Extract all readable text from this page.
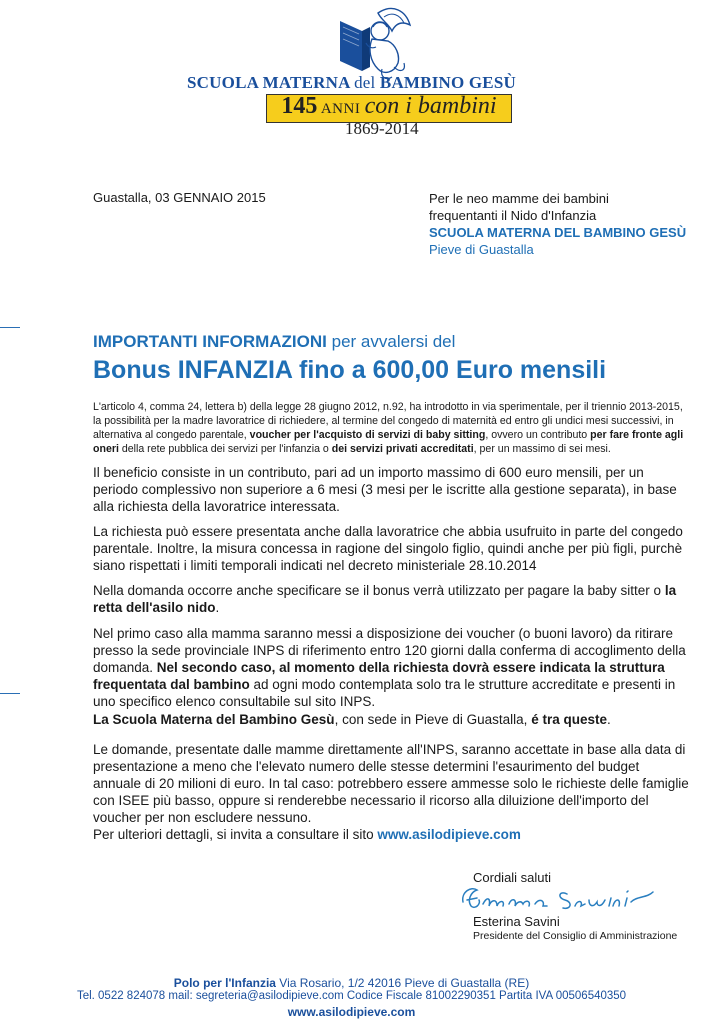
SCUOLA MATERNA del BAMBINO GESÙ
145 ANNI con i bambini
1869-2014
Guastalla, 03 GENNAIO 2015	Per le neo mamme dei bambini
frequentanti il Nido d'Infanzia
SCUOLA MATERNA DEL BAMBINO GESÙ
Pieve di Guastalla
IMPORTANTI INFORMAZIONI per avvalersi del
Bonus INFANZIA fino a 600,00 Euro mensili
L'articolo 4, comma 24, lettera b) della legge 28 giugno 2012, n.92, ha introdotto in via sperimentale, per il triennio 2013-2015, la possibilità per la madre lavoratrice di richiedere, al termine del congedo di maternità ed entro gli undici mesi successivi, in alternativa al congedo parentale, voucher per l'acquisto di servizi di baby sitting, ovvero un contributo per fare fronte agli oneri della rete pubblica dei servizi per l'infanzia o dei servizi privati accreditati, per un massimo di sei mesi.
Il beneficio consiste in un contributo, pari ad un importo massimo di 600 euro mensili, per un periodo complessivo non superiore a 6 mesi (3 mesi per le iscritte alla gestione separata), in base alla richiesta della lavoratrice interessata.
La richiesta può essere presentata anche dalla lavoratrice che abbia usufruito in parte del congedo parentale. Inoltre, la misura concessa in ragione del singolo figlio, quindi anche per più figli, purchè siano rispettati i limiti temporali indicati nel decreto ministeriale 28.10.2014
Nella domanda occorre anche specificare se il bonus verrà utilizzato per pagare la baby sitter o la retta dell'asilo nido.
Nel primo caso alla mamma saranno messi a disposizione dei voucher (o buoni lavoro) da ritirare presso la sede provinciale INPS di riferimento entro 120 giorni dalla conferma di accoglimento della domanda. Nel secondo caso, al momento della richiesta dovrà essere indicata la struttura frequentata dal bambino ad ogni modo contemplata solo tra le strutture accreditate e presenti in uno specifico elenco consultabile sul sito INPS.
La Scuola Materna del Bambino Gesù, con sede in Pieve di Guastalla, é tra queste.
Le domande, presentate dalle mamme direttamente all'INPS, saranno accettate in base alla data di presentazione a meno che l'elevato numero delle stesse determini l'esaurimento del budget annuale di 20 milioni di euro. In tal caso: potrebbero essere ammesse solo le richieste delle famiglie con ISEE più basso, oppure si renderebbe necessario il ricorso alla diluizione dell'importo del voucher per non escludere nessuno.
Per ulteriori dettagli, si invita a consultare il sito www.asilodipieve.com
Cordiali saluti
Esterina Savini
Presidente del Consiglio di Amministrazione
Polo per l'Infanzia Via Rosario, 1/2 42016 Pieve di Guastalla (RE)
Tel. 0522 824078 mail: segreteria@asilodipieve.com Codice Fiscale 81002290351 Partita IVA 00506540350
www.asilodipieve.com
